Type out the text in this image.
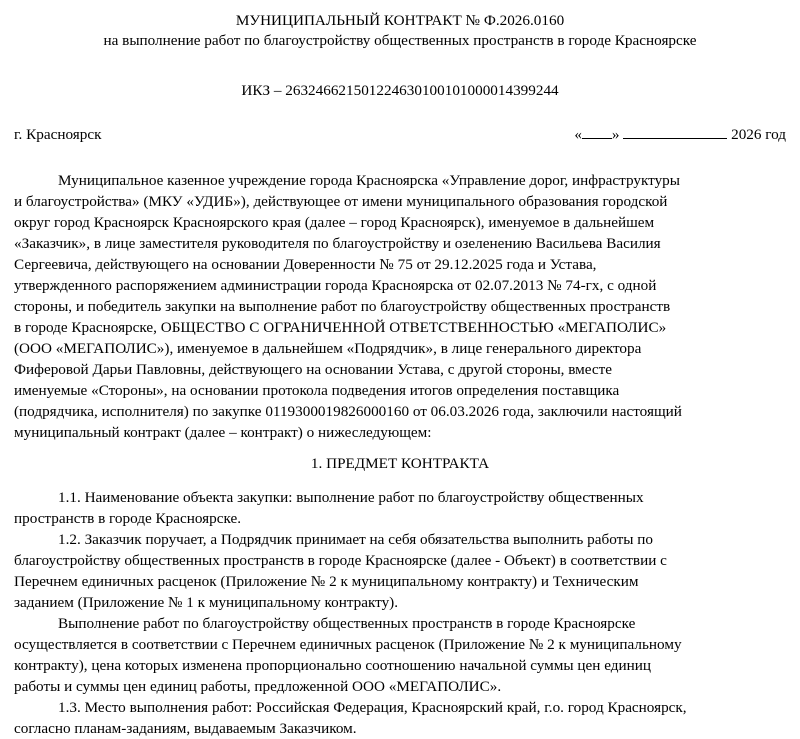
МУНИЦИПАЛЬНЫЙ КОНТРАКТ № Ф.2026.0160
на выполнение работ по благоустройству общественных пространств в городе Красноярске
ИКЗ – 263246621501224630100101000014399244
г. Красноярск	« »	2026 год
Муниципальное казенное учреждение города Красноярска «Управление дорог, инфраструктуры
и благоустройства» (МКУ «УДИБ»), действующее от имени муниципального образования городской
округ город Красноярск Красноярского края (далее – город Красноярск), именуемое в дальнейшем
«Заказчик», в лице заместителя руководителя по благоустройству и озеленению Васильева Василия
Сергеевича, действующего на основании Доверенности № 75 от 29.12.2025 года и Устава,
утвержденного распоряжением администрации города Красноярска от 02.07.2013 № 74-гх, с одной
стороны, и победитель закупки на выполнение работ по благоустройству общественных пространств
в городе Красноярске, ОБЩЕСТВО С ОГРАНИЧЕННОЙ ОТВЕТСТВЕННОСТЬЮ «МЕГАПОЛИС»
(ООО «МЕГАПОЛИС»), именуемое в дальнейшем «Подрядчик», в лице генерального директора
Фиферовой Дарьи Павловны, действующего на основании Устава, с другой стороны, вместе
именуемые «Стороны», на основании протокола подведения итогов определения поставщика
(подрядчика, исполнителя) по закупке 0119300019826000160 от 06.03.2026 года, заключили настоящий
муниципальный контракт (далее – контракт) о нижеследующем:
1. ПРЕДМЕТ КОНТРАКТА
1.1. Наименование объекта закупки: выполнение работ по благоустройству общественных
пространств в городе Красноярске.
1.2. Заказчик поручает, а Подрядчик принимает на себя обязательства выполнить работы по
благоустройству общественных пространств в городе Красноярске (далее - Объект) в соответствии с
Перечнем единичных расценок (Приложение № 2 к муниципальному контракту) и Техническим
заданием (Приложение № 1 к муниципальному контракту).
Выполнение работ по благоустройству общественных пространств в городе Красноярске
осуществляется в соответствии с Перечнем единичных расценок (Приложение № 2 к муниципальному
контракту), цена которых изменена пропорционально соотношению начальной суммы цен единиц
работы и суммы цен единиц работы, предложенной ООО «МЕГАПОЛИС».
1.3. Место выполнения работ: Российская Федерация, Красноярский край, г.о. город Красноярск,
согласно планам-заданиям, выдаваемым Заказчиком.
